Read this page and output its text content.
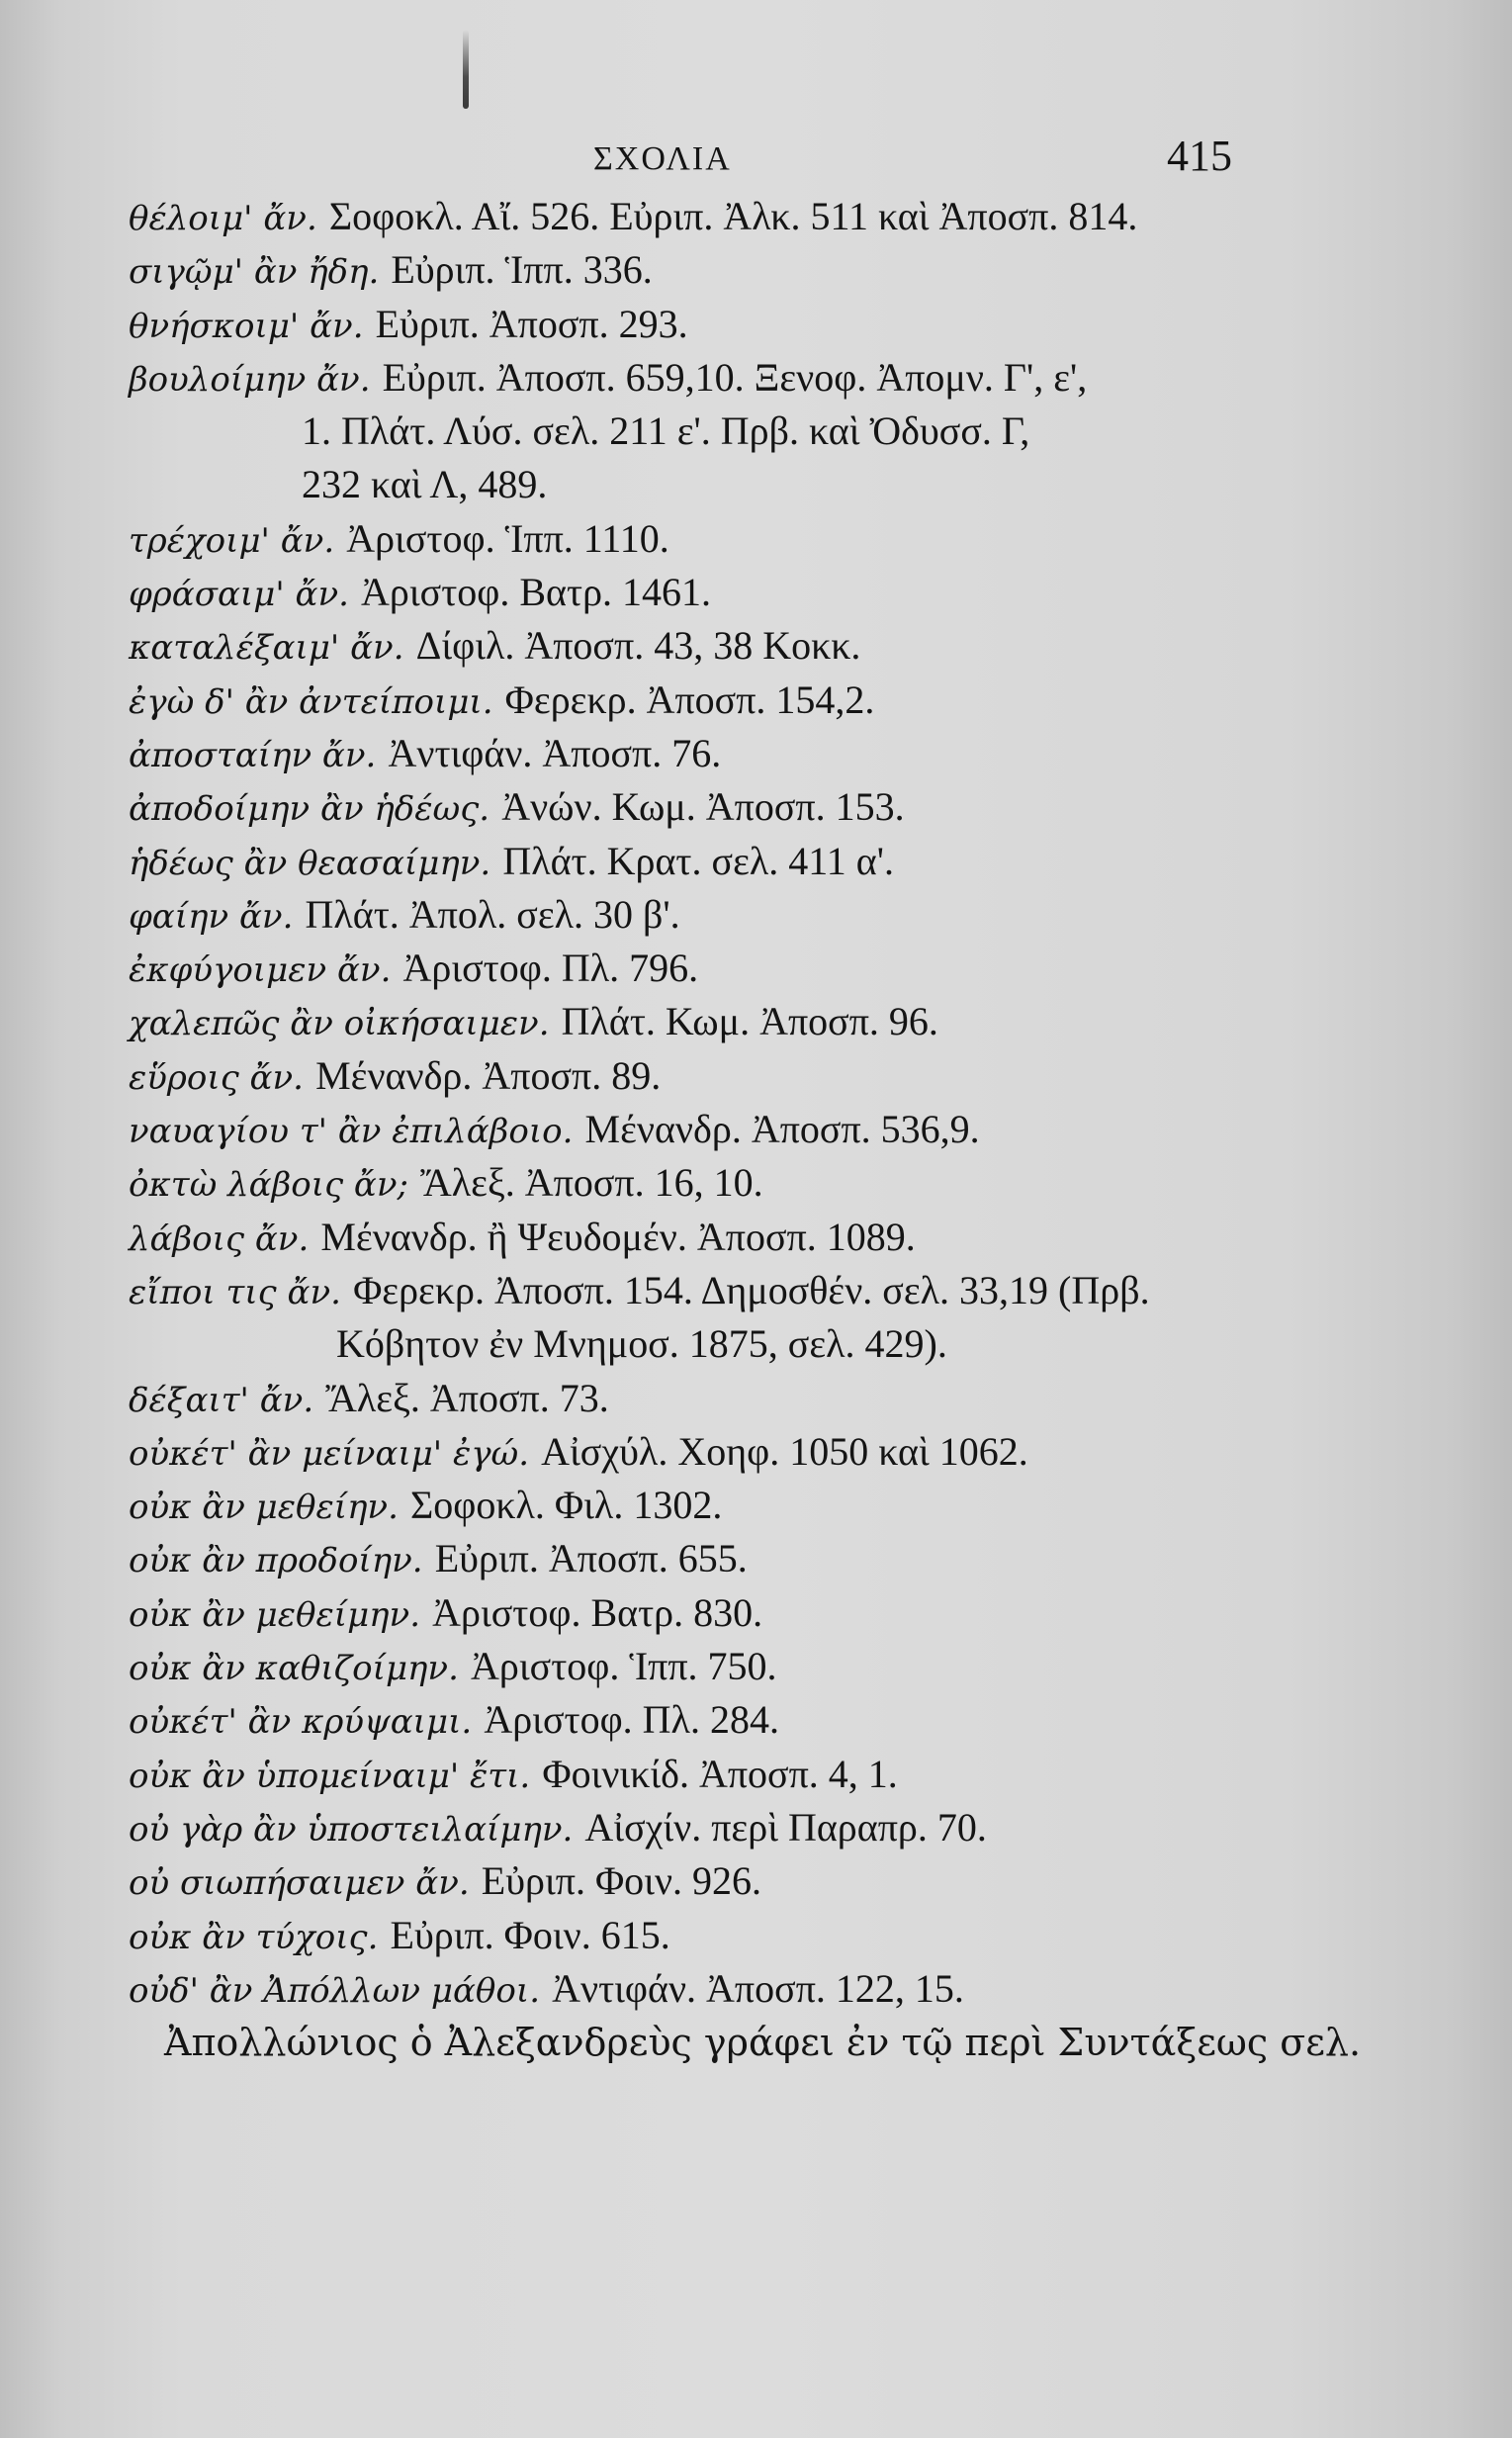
ΣΧΟΛΙΑ	415
θέλοιμ' ἄν. Σοφοκλ. Αἴ. 526. Εὐριπ. Ἀλκ. 511 καὶ Ἀποσπ. 814.
σιγῷμ' ἂν ἤδη. Εὐριπ. Ἱππ. 336.
θνήσκοιμ' ἄν. Εὐριπ. Ἀποσπ. 293.
βουλοίμην ἄν. Εὐριπ. Ἀποσπ. 659,10. Ξενοφ. Ἀπομν. Γ', ε',
1. Πλάτ. Λύσ. σελ. 211 ε'. Πρβ. καὶ Ὀδυσσ. Γ,
232 καὶ Λ, 489.
τρέχοιμ' ἄν. Ἀριστοφ. Ἱππ. 1110.
φράσαιμ' ἄν. Ἀριστοφ. Βατρ. 1461.
καταλέξαιμ' ἄν. Δίφιλ. Ἀποσπ. 43, 38 Κοκκ.
ἐγὼ δ' ἂν ἀντείποιμι. Φερεκρ. Ἀποσπ. 154,2.
ἀποσταίην ἄν. Ἀντιφάν. Ἀποσπ. 76.
ἀποδοίμην ἂν ἡδέως. Ἀνών. Κωμ. Ἀποσπ. 153.
ἡδέως ἂν θεασαίμην. Πλάτ. Κρατ. σελ. 411 α'.
φαίην ἄν. Πλάτ. Ἀπολ. σελ. 30 β'.
ἐκφύγοιμεν ἄν. Ἀριστοφ. Πλ. 796.
χαλεπῶς ἂν οἰκήσαιμεν. Πλάτ. Κωμ. Ἀποσπ. 96.
εὕροις ἄν. Μένανδρ. Ἀποσπ. 89.
ναυαγίου τ' ἂν ἐπιλάβοιο. Μένανδρ. Ἀποσπ. 536,9.
ὀκτὼ λάβοις ἄν; Ἄλεξ. Ἀποσπ. 16, 10.
λάβοις ἄν. Μένανδρ. ἢ Ψευδομέν. Ἀποσπ. 1089.
εἴποι τις ἄν. Φερεκρ. Ἀποσπ. 154. Δημοσθέν. σελ. 33,19 (Πρβ.
Κόβητον ἐν Μνημοσ. 1875, σελ. 429).
δέξαιτ' ἄν. Ἄλεξ. Ἀποσπ. 73.
οὐκέτ' ἂν μείναιμ' ἐγώ. Αἰσχύλ. Χοηφ. 1050 καὶ 1062.
οὐκ ἂν μεθείην. Σοφοκλ. Φιλ. 1302.
οὐκ ἂν προδοίην. Εὐριπ. Ἀποσπ. 655.
οὐκ ἂν μεθείμην. Ἀριστοφ. Βατρ. 830.
οὐκ ἂν καθιζοίμην. Ἀριστοφ. Ἱππ. 750.
οὐκέτ' ἂν κρύψαιμι. Ἀριστοφ. Πλ. 284.
οὐκ ἂν ὑπομείναιμ' ἔτι. Φοινικίδ. Ἀποσπ. 4, 1.
οὐ γὰρ ἂν ὑποστειλαίμην. Αἰσχίν. περὶ Παραπρ. 70.
οὐ σιωπήσαιμεν ἄν. Εὐριπ. Φοιν. 926.
οὐκ ἂν τύχοις. Εὐριπ. Φοιν. 615.
οὐδ' ἂν Ἀπόλλων μάθοι. Ἀντιφάν. Ἀποσπ. 122, 15.
Ἀπολλώνιος ὁ Ἀλεξανδρεὺς γράφει ἐν τῷ περὶ Συντάξεως σελ.
